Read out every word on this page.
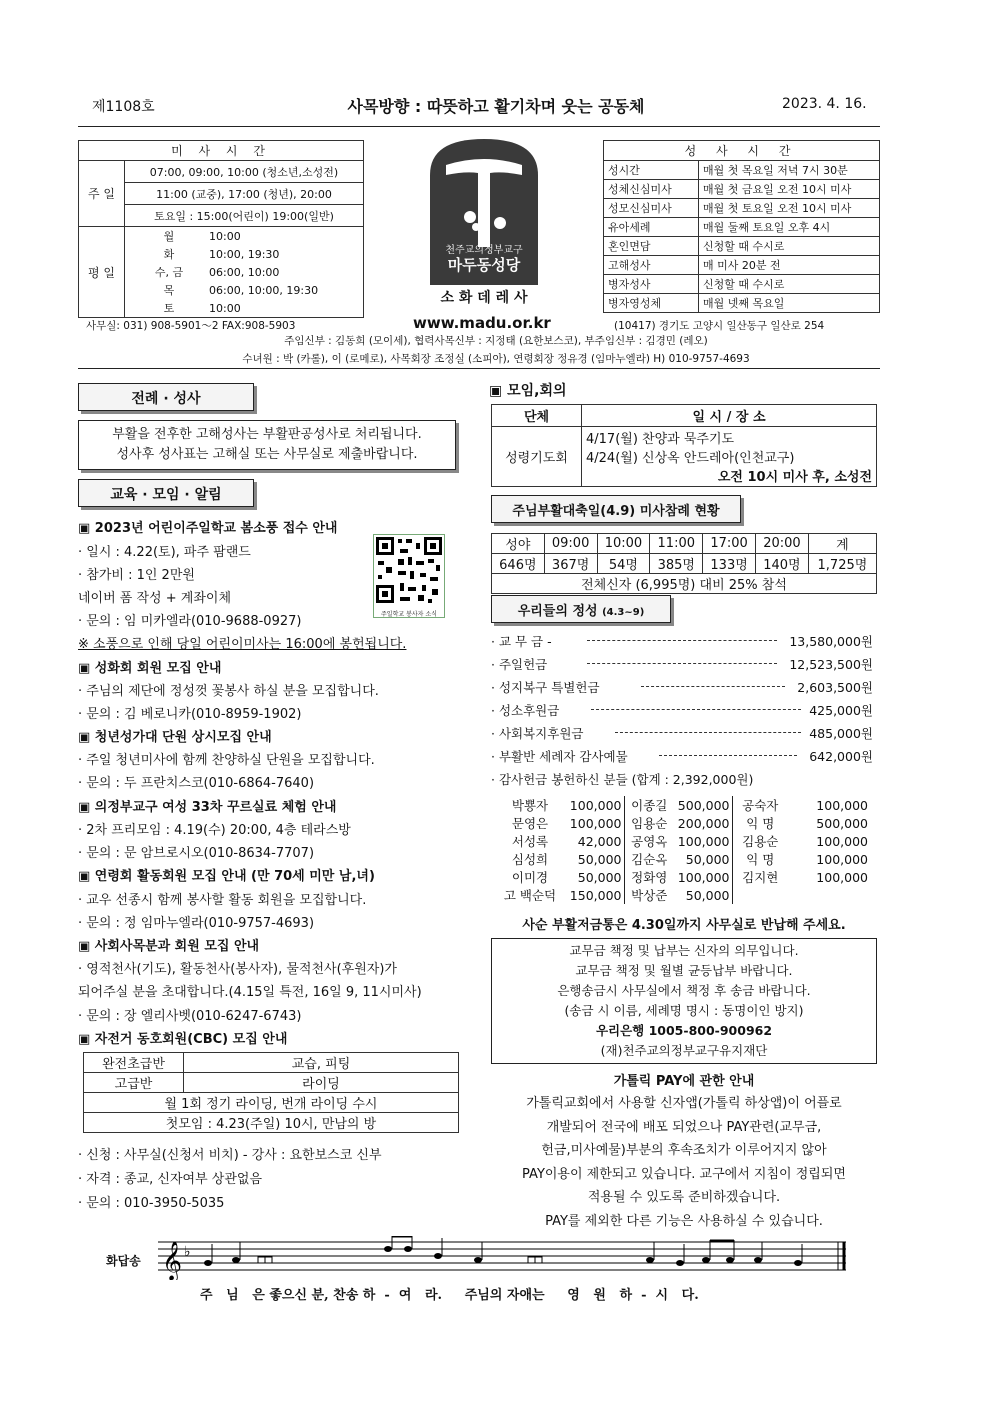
제1108호	사목방향 : 따뜻하고 활기차며 웃는 공동체	2023. 4. 16.
미 사 시 간	
주 일	07:00, 09:00, 10:00 (청소년,소성전)
	11:00 (교중), 17:00 (청년), 20:00
	토요일 : 15:00(어린이) 19:00(일반)
평 일	월 10:00
	화 10:00, 19:30
	수, 금 06:00, 10:00
	목 06:00, 10:00, 19:30
	토 10:00
천주교의정부교구
마두동성당
소 화 데 레 사
성 사 시 간	
성시간	매월 첫 목요일 저녁 7시 30분
성체신심미사	매월 첫 금요일 오전 10시 미사
성모신심미사	매월 첫 토요일 오전 10시 미사
유아세례	매월 둘째 토요일 오후 4시
혼인면담	신청할 때 수시로
고해성사	매 미사 20분 전
병자성사	신청할 때 수시로
병자영성체	매월 넷째 목요일
사무실: 031) 908-5901～2 FAX:908-5903	www.madu.or.kr	(10417) 경기도 고양시 일산동구 일산로 254
주임신부 : 김동희 (모이세), 협력사목신부 : 지정태 (요한보스코), 부주임신부 : 김경민 (레오)
수녀원 : 박 (카롤), 이 (로메로), 사목회장 조정실 (소피아), 연령회장 정유경 (임마누엘라) H) 010-9757-4693
전례 · 성사
부활을 전후한 고해성사는 부활판공성사로 처리됩니다.
성사후 성사표는 고해실 또는 사무실로 제출바랍니다.
교육 · 모임 · 알림
주일학교 봉사자 소식
▣ 2023년 어린이주일학교 봄소풍 접수 안내
· 일시 : 4.22(토), 파주 팜랜드
· 참가비 : 1인 2만원
네이버 폼 작성 + 계좌이체
· 문의 : 임 미카엘라(010-9688-0927)
※ 소풍으로 인해 당일 어린이미사는 16:00에 봉헌됩니다.
▣ 성화회 회원 모집 안내
· 주님의 제단에 정성껏 꽃봉사 하실 분을 모집합니다.
· 문의 : 김 베로니카(010-8959-1902)
▣ 청년성가대 단원 상시모집 안내
· 주일 청년미사에 함께 찬양하실 단원을 모집합니다.
· 문의 : 두 프란치스코(010-6864-7640)
▣ 의정부교구 여성 33차 꾸르실료 체험 안내
· 2차 프리모임 : 4.19(수) 20:00, 4층 테라스방
· 문의 : 문 암브로시오(010-8634-7707)
▣ 연령회 활동회원 모집 안내 (만 70세 미만 남,녀)
· 교우 선종시 함께 봉사할 활동 회원을 모집합니다.
· 문의 : 정 임마누엘라(010-9757-4693)
▣ 사회사목분과 회원 모집 안내
· 영적천사(기도), 활동천사(봉사자), 물적천사(후원자)가
되어주실 분을 초대합니다.(4.15일 특전, 16일 9, 11시미사)
· 문의 : 장 엘리사벳(010-6247-6743)
▣ 자전거 동호회원(CBC) 모집 안내
완전초급반	교습, 피팅
고급반	라이딩
월 1회 정기 라이딩, 번개 라이딩 수시	
첫모임 : 4.23(주일) 10시, 만남의 방	
· 신청 : 사무실(신청서 비치) - 강사 : 요한보스코 신부
· 자격 : 종교, 신자여부 상관없음
· 문의 : 010-3950-5035
▣ 모임,회의
단체	일 시 / 장 소
성령기도회	4/17(월) 찬양과 묵주기도
4/24(월) 신상옥 안드레아(인천교구)
오전 10시 미사 후, 소성전
주님부활대축일(4.9) 미사참례 현황
성야	09:00	10:00	11:00	17:00	20:00	계
646명	367명	54명	385명	133명	140명	1,725명
전체신자 (6,995명) 대비 25% 참석						
우리들의 정성 (4.3~9)
· 교 무 금 -	13,580,000원
· 주일헌금	12,523,500원
· 성지복구 특별헌금	2,603,500원
· 성소후원금	425,000원
· 사회복지후원금	485,000원
· 부활반 세례자 감사예물	642,000원
· 감사헌금 봉헌하신 분들 (합계 : 2,392,000원)
박뿅자	100,000	이종길	500,000	공숙자	100,000
문영은	100,000	임용순	200,000	익 명	500,000
서성록	42,000	공영옥	100,000	김용순	100,000
심성희	50,000	김순옥	50,000	익 명	100,000
이미경	50,000	정화영	100,000	김지현	100,000
고 백순덕	150,000	박상준	50,000		
사순 부활저금통은 4.30일까지 사무실로 반납해 주세요.
교무금 책정 및 납부는 신자의 의무입니다.
교무금 책정 및 월별 균등납부 바랍니다.
은행송금시 사무실에서 책정 후 송금 바랍니다.
(송금 시 이름, 세례명 명시 : 동명이인 방지)
우리은행 1005-800-900962
(재)천주교의정부교구유지재단
가톨릭 PAY에 관한 안내
가톨릭교회에서 사용할 신자앱(가톨릭 하상앱)이 어플로
개발되어 전국에 배포 되었으나 PAY관련(교무금,
헌금,미사예물)부분의 후속조치가 이루어지지 않아
PAY이용이 제한되고 있습니다. 교구에서 지침이 정립되면
적용될 수 있도록 준비하겠습니다.
PAY를 제외한 다른 기능은 사용하실 수 있습니다.
화답송 𝄞 ♭
주   님   은 좋으신 분, 찬송 하  -  여   라.     주님의 자애는     영   원   하  -  시   다.
